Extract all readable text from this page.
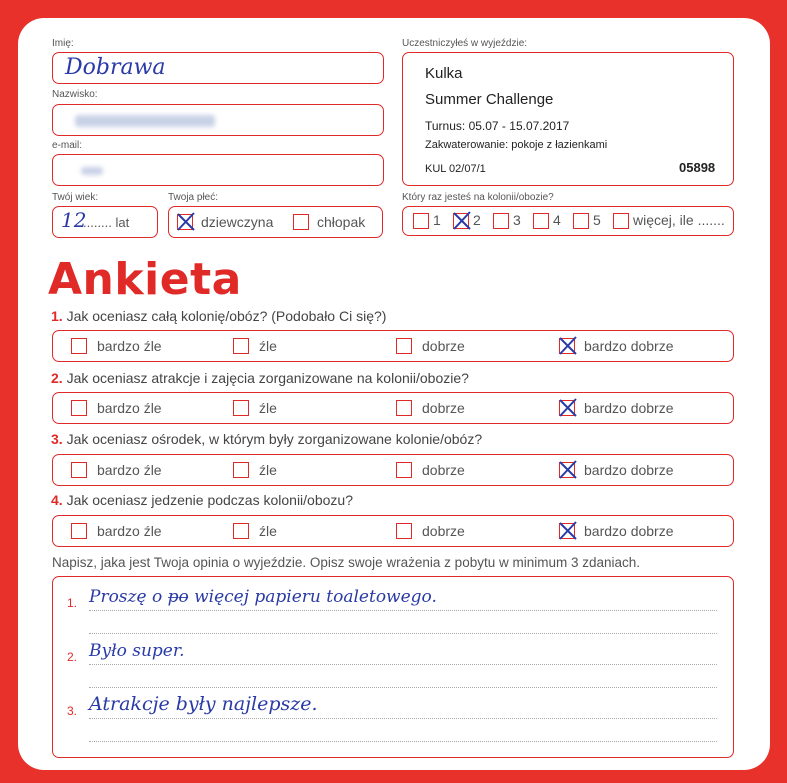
Imię:
Dobrawa
Nazwisko:
e-mail:
Twój wiek:
12
........ lat
Twoja płeć:
dziewczyna	chłopak
Uczestniczyłeś w wyjeździe:
Kulka
Summer Challenge
Turnus: 05.07 - 15.07.2017
Zakwaterowanie: pokoje z łazienkami
KUL 02/07/1	05898
Który raz jesteś na kolonii/obozie?
1 2 3 4 5 więcej, ile .......
Ankieta
1. Jak oceniasz całą kolonię/obóz? (Podobało Ci się?)
bardzo źle	źle	dobrze	bardzo dobrze
2. Jak oceniasz atrakcje i zajęcia zorganizowane na kolonii/obozie?
bardzo źle	źle	dobrze	bardzo dobrze
3. Jak oceniasz ośrodek, w którym były zorganizowane kolonie/obóz?
bardzo źle	źle	dobrze	bardzo dobrze
4. Jak oceniasz jedzenie podczas kolonii/obozu?
bardzo źle	źle	dobrze	bardzo dobrze
Napisz, jaka jest Twoja opinia o wyjeździe. Opisz swoje wrażenia z pobytu w minimum 3 zdaniach.
1. Proszę o p̶o̶ więcej papieru toaletowego.
2. Było super.
3. Atrakcje były najlepsze.
